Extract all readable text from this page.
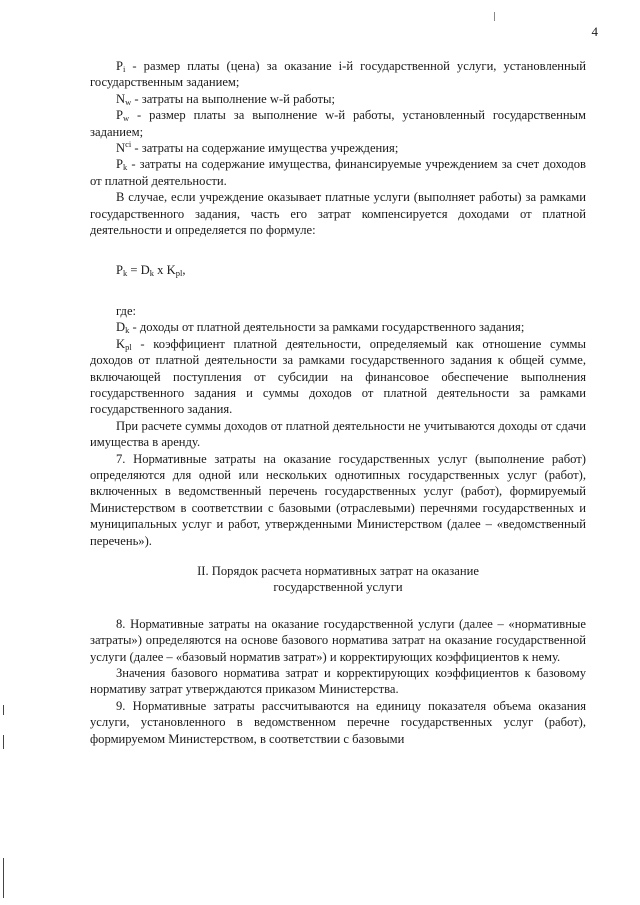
4

$P_i$ - размер платы (цена) за оказание i-й государственной услуги, установленный государственным заданием;

$N_w$ - затраты на выполнение w-й работы;

$P_w$ - размер платы за выполнение w-й работы, установленный государственным заданием;

$N^{ci}$ - затраты на содержание имущества учреждения;

$P_k$ - затраты на содержание имущества, финансируемые учреждением за счет доходов от платной деятельности.

В случае, если учреждение оказывает платные услуги (выполняет работы) за рамками государственного задания, часть его затрат компенсируется доходами от платной деятельности и определяется по формуле:

$P_k = D_k$ x $K_{pl}$,

где:

$D_k$ - доходы от платной деятельности за рамками государственного задания;

$K_{pl}$ - коэффициент платной деятельности, определяемый как отношение суммы доходов от платной деятельности за рамками государственного задания к общей сумме, включающей поступления от субсидии на финансовое обеспечение выполнения государственного задания и суммы доходов от платной деятельности за рамками государственного задания.

При расчете суммы доходов от платной деятельности не учитываются доходы от сдачи имущества в аренду.

7. Нормативные затраты на оказание государственных услуг (выполнение работ) определяются для одной или нескольких однотипных государственных услуг (работ), включенных в ведомственный перечень государственных услуг (работ), формируемый Министерством в соответствии с базовыми (отраслевыми) перечнями государственных и муниципальных услуг и работ, утвержденными Министерством (далее – «ведомственный перечень»).

II. Порядок расчета нормативных затрат на оказание
государственной услуги

8. Нормативные затраты на оказание государственной услуги (далее – «нормативные затраты») определяются на основе базового норматива затрат на оказание государственной услуги (далее – «базовый норматив затрат») и корректирующих коэффициентов к нему.

Значения базового норматива затрат и корректирующих коэффициентов к базовому нормативу затрат утверждаются приказом Министерства.

9. Нормативные затраты рассчитываются на единицу показателя объема оказания услуги, установленного в ведомственном перечне государственных услуг (работ), формируемом Министерством, в соответствии с базовыми
